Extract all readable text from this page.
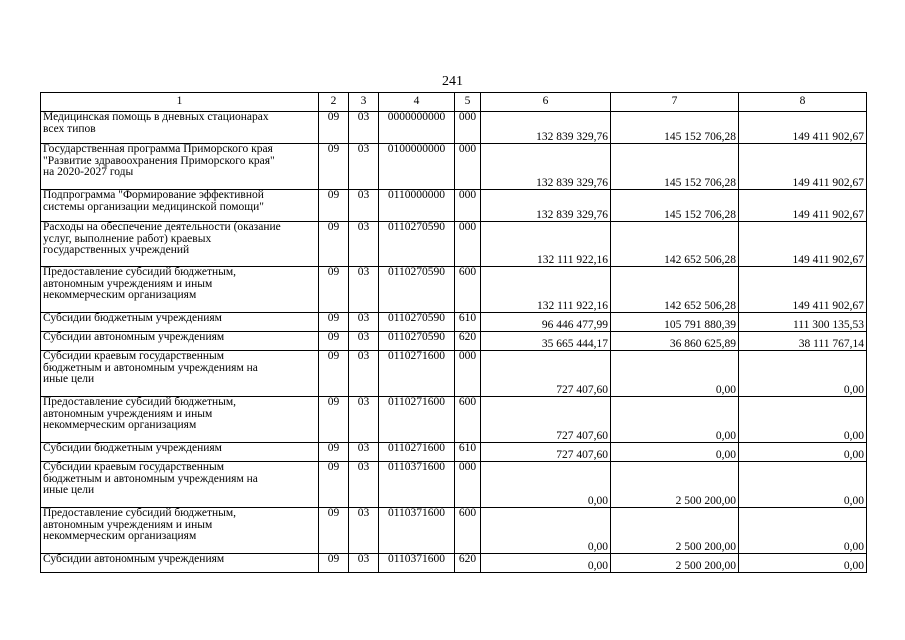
241
1	2	3	4	5	6	7	8
Медицинская помощь в дневных стационарах
всех типов	09	03	0000000000	000	132 839 329,76	145 152 706,28	149 411 902,67
Государственная программа Приморского края
"Развитие здравоохранения Приморского края"
на 2020-2027 годы	09	03	0100000000	000	132 839 329,76	145 152 706,28	149 411 902,67
Подпрограмма "Формирование эффективной
системы организации медицинской помощи"	09	03	0110000000	000	132 839 329,76	145 152 706,28	149 411 902,67
Расходы на обеспечение деятельности (оказание
услуг, выполнение работ) краевых
государственных учреждений	09	03	0110270590	000	132 111 922,16	142 652 506,28	149 411 902,67
Предоставление субсидий бюджетным,
автономным учреждениям и иным
некоммерческим организациям	09	03	0110270590	600	132 111 922,16	142 652 506,28	149 411 902,67
Субсидии бюджетным учреждениям	09	03	0110270590	610	96 446 477,99	105 791 880,39	111 300 135,53
Субсидии автономным учреждениям	09	03	0110270590	620	35 665 444,17	36 860 625,89	38 111 767,14
Субсидии краевым государственным
бюджетным и автономным учреждениям на
иные цели	09	03	0110271600	000	727 407,60	0,00	0,00
Предоставление субсидий бюджетным,
автономным учреждениям и иным
некоммерческим организациям	09	03	0110271600	600	727 407,60	0,00	0,00
Субсидии бюджетным учреждениям	09	03	0110271600	610	727 407,60	0,00	0,00
Субсидии краевым государственным
бюджетным и автономным учреждениям на
иные цели	09	03	0110371600	000	0,00	2 500 200,00	0,00
Предоставление субсидий бюджетным,
автономным учреждениям и иным
некоммерческим организациям	09	03	0110371600	600	0,00	2 500 200,00	0,00
Субсидии автономным учреждениям	09	03	0110371600	620	0,00	2 500 200,00	0,00
